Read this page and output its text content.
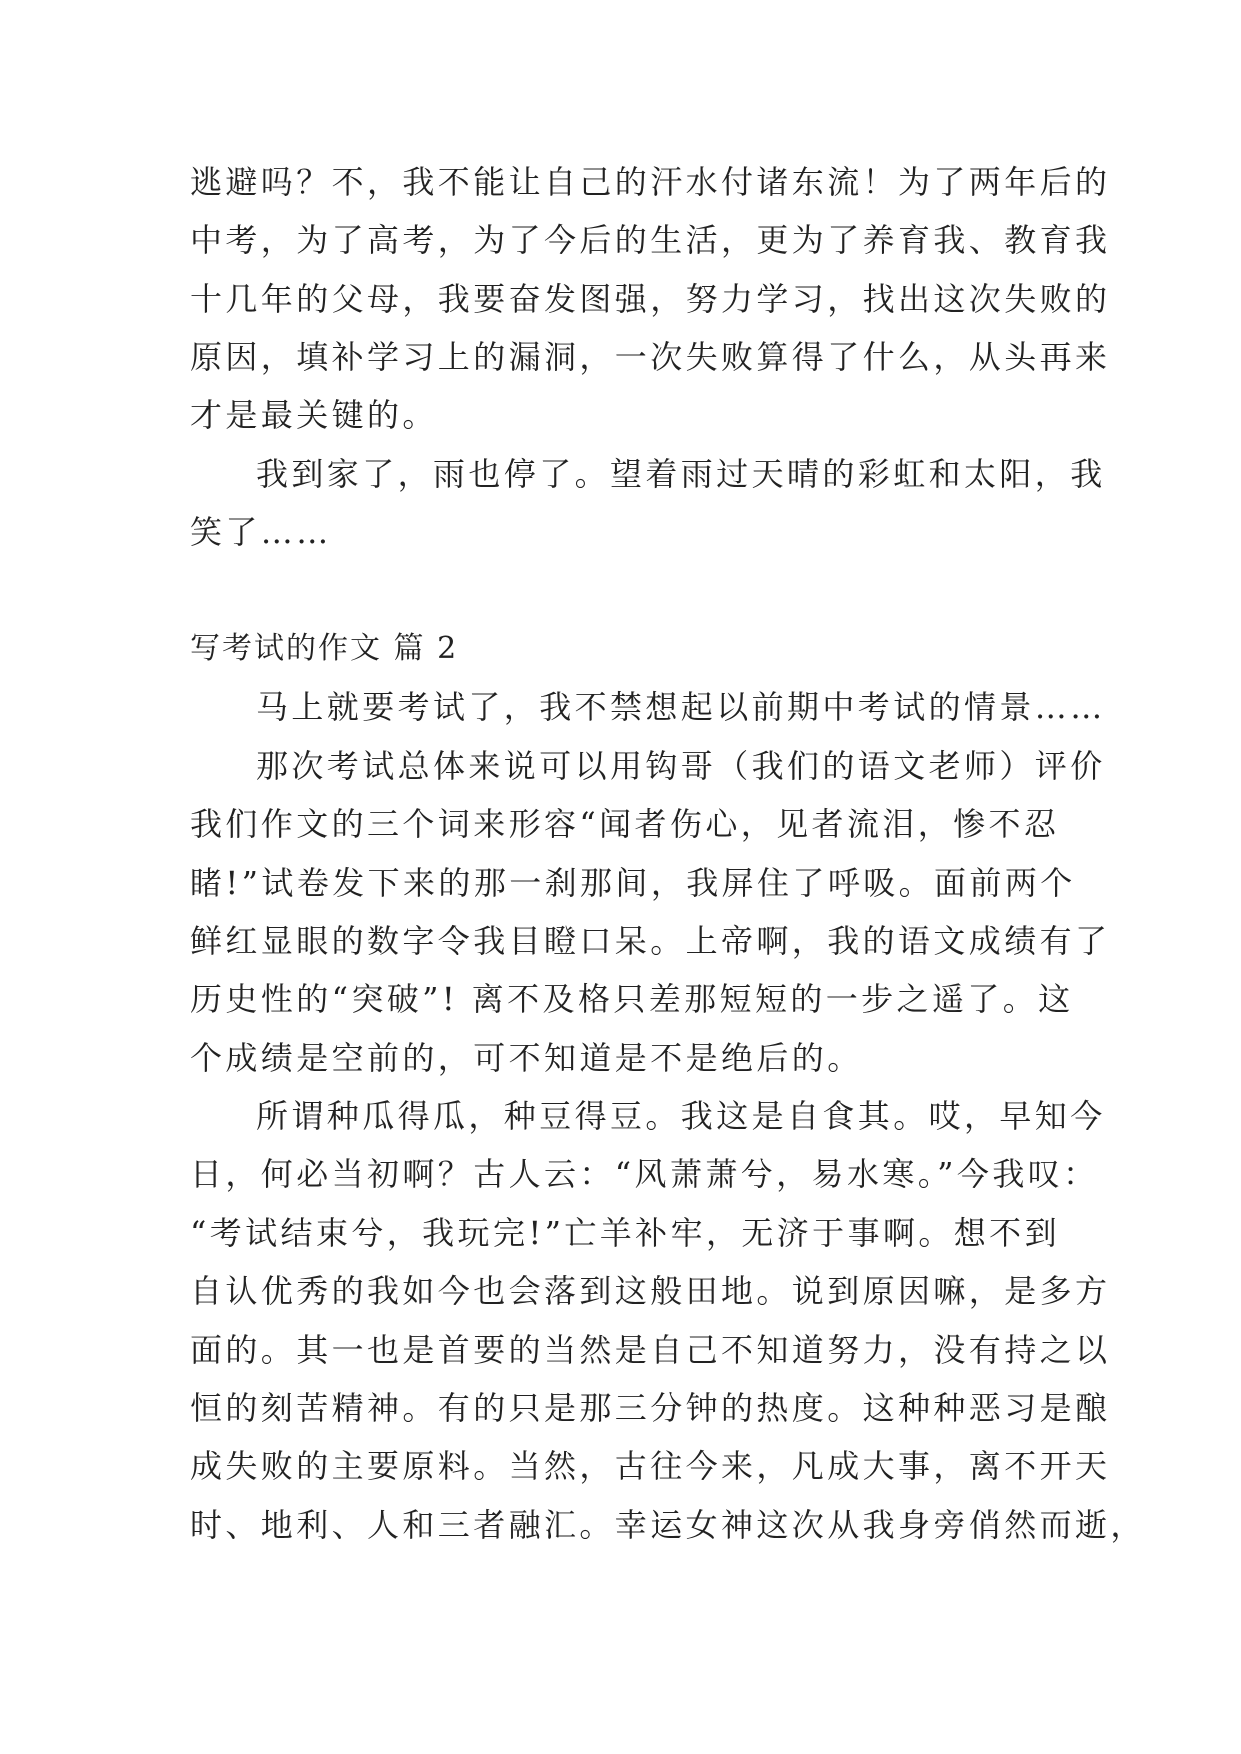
逃避吗？不，我不能让自己的汗水付诸东流！为了两年后的
中考，为了高考，为了今后的生活，更为了养育我、教育我
十几年的父母，我要奋发图强，努力学习，找出这次失败的
原因，填补学习上的漏洞，一次失败算得了什么，从头再来
才是最关键的。
我到家了，雨也停了。望着雨过天晴的彩虹和太阳，我
笑了……
写考试的作文 篇 2
马上就要考试了，我不禁想起以前期中考试的情景……
那次考试总体来说可以用钩哥（我们的语文老师）评价
我们作文的三个词来形容“闻者伤心，见者流泪，惨不忍
睹!”试卷发下来的那一刹那间，我屏住了呼吸。面前两个
鲜红显眼的数字令我目瞪口呆。上帝啊，我的语文成绩有了
历史性的“突破”! 离不及格只差那短短的一步之遥了。这
个成绩是空前的，可不知道是不是绝后的。
所谓种瓜得瓜，种豆得豆。我这是自食其。哎，早知今
日，何必当初啊？古人云：“风萧萧兮，易水寒。”今我叹：
“考试结束兮，我玩完!”亡羊补牢，无济于事啊。想不到
自认优秀的我如今也会落到这般田地。说到原因嘛，是多方
面的。其一也是首要的当然是自己不知道努力，没有持之以
恒的刻苦精神。有的只是那三分钟的热度。这种种恶习是酿
成失败的主要原料。当然，古往今来，凡成大事，离不开天
时、地利、人和三者融汇。幸运女神这次从我身旁俏然而逝，
